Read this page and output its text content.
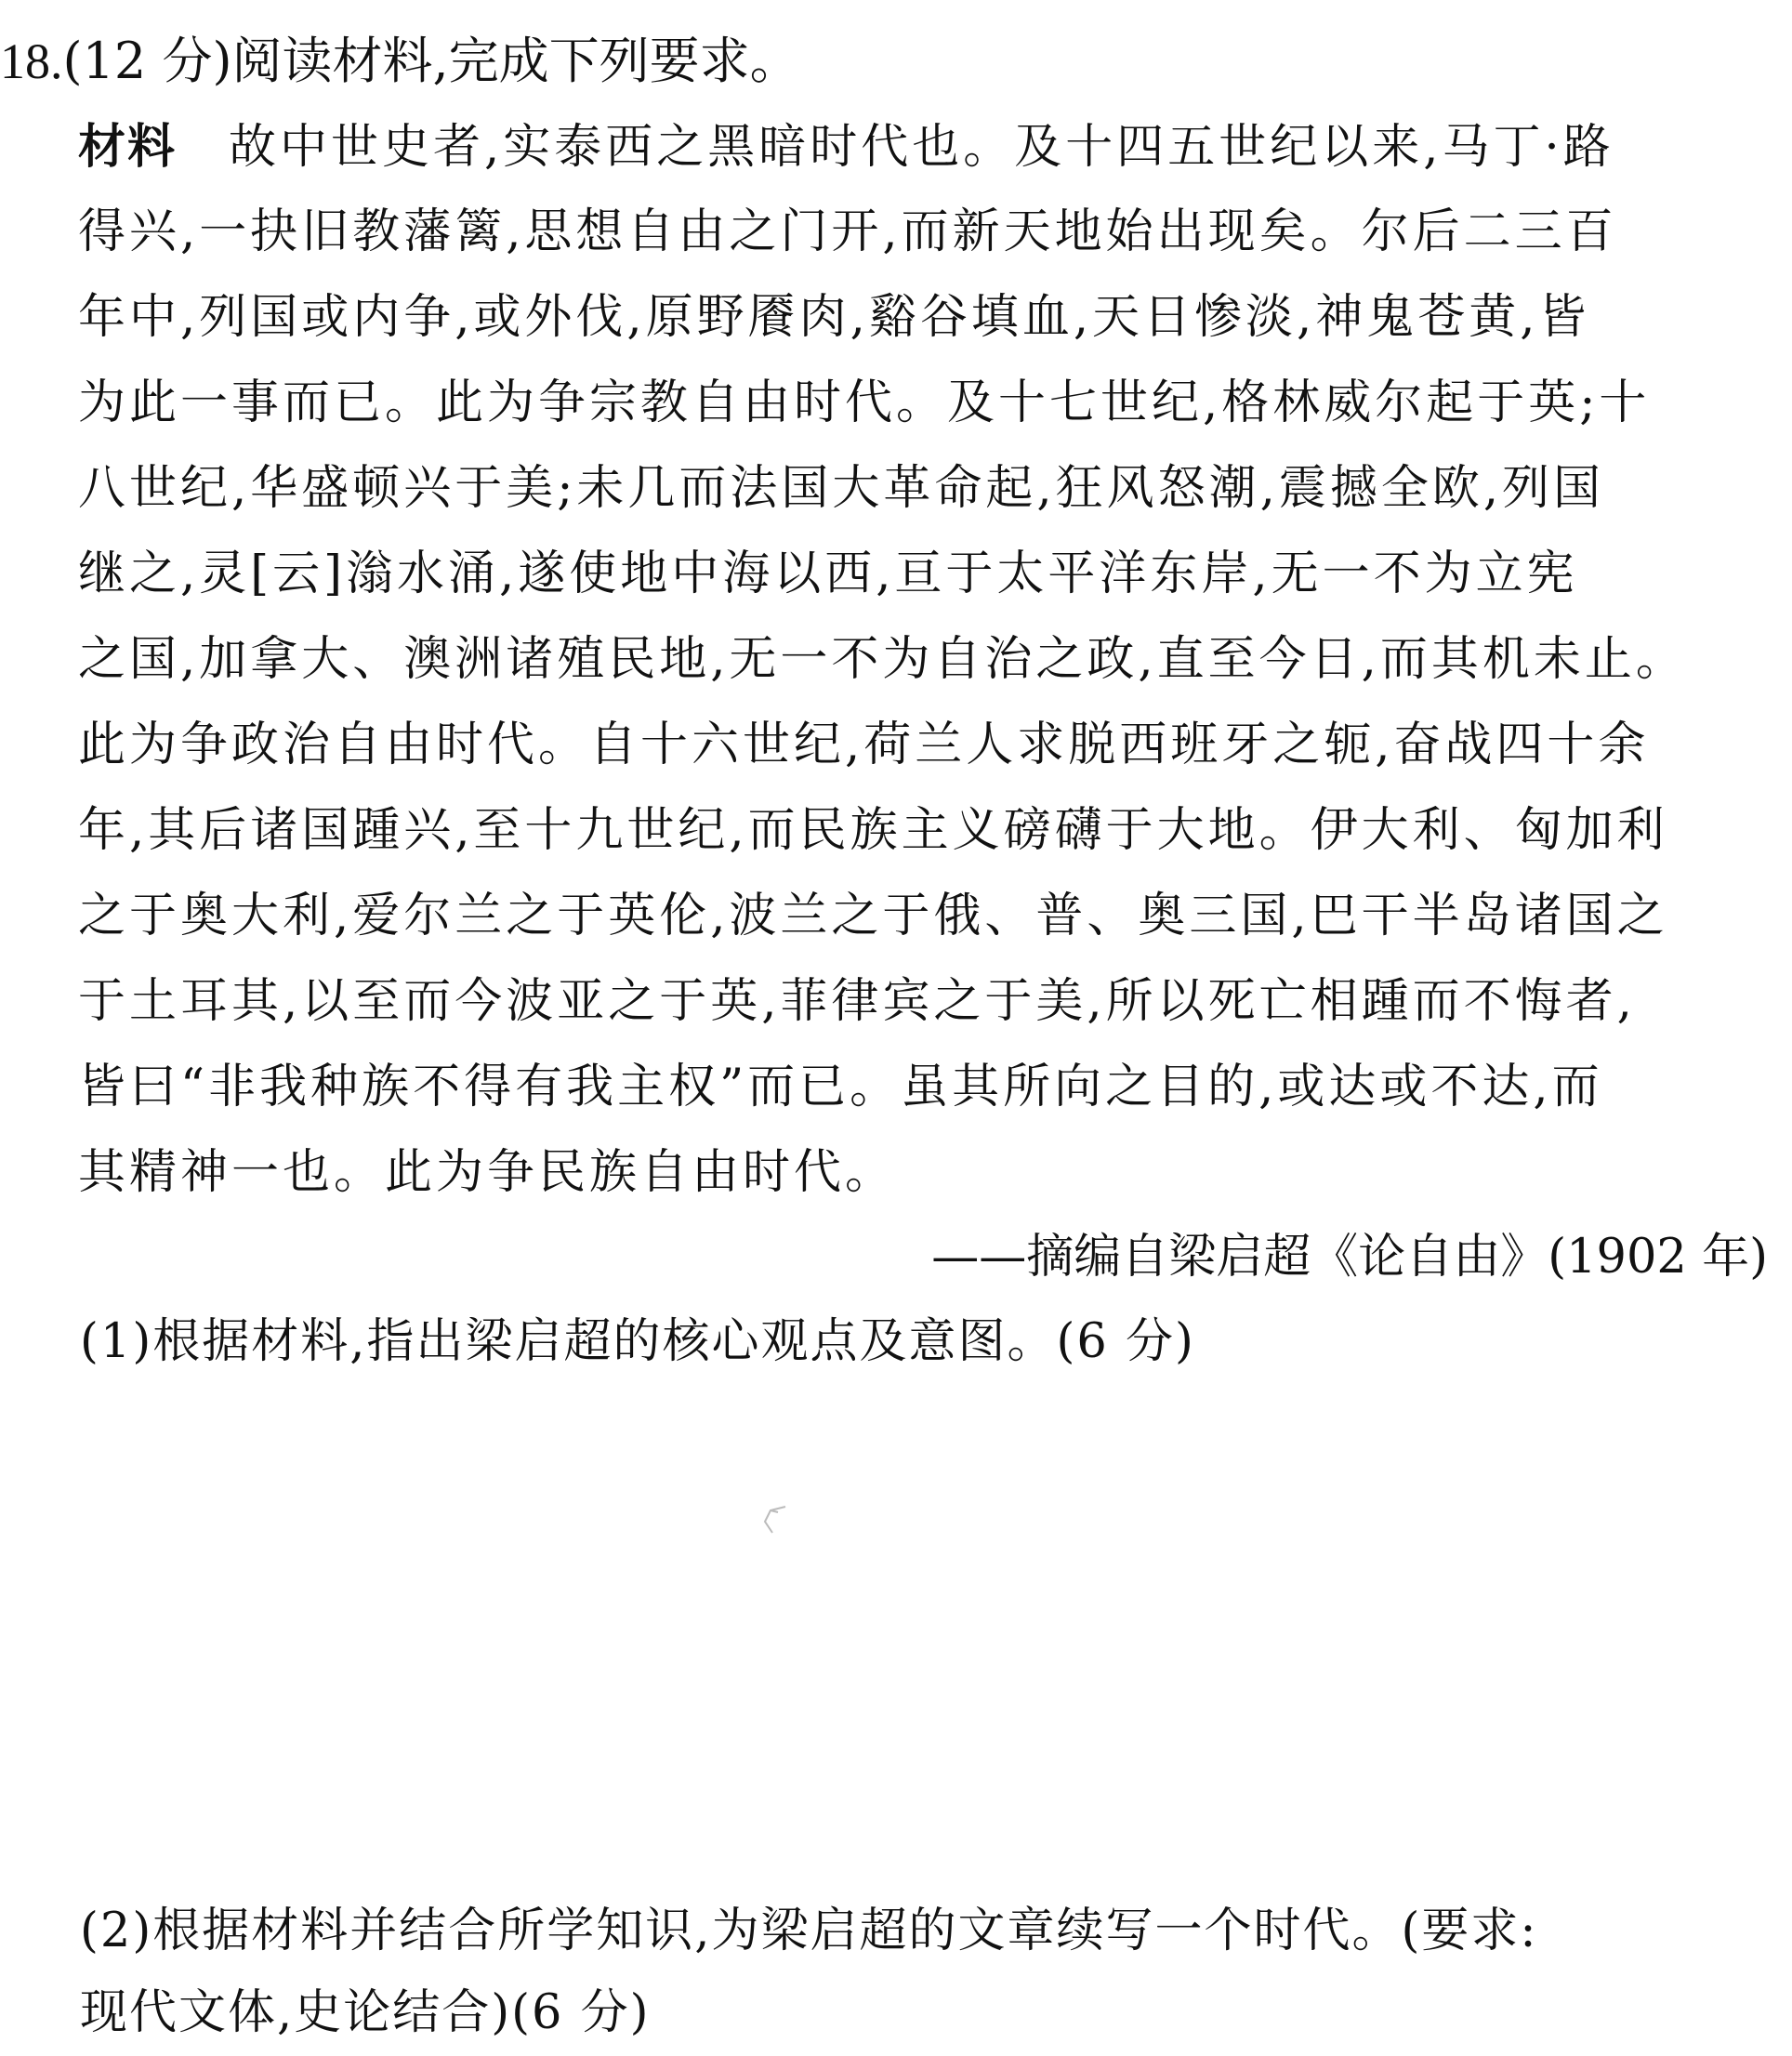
18.(12 分)阅读材料,完成下列要求。
材料 故中世史者,实泰西之黑暗时代也。及十四五世纪以来,马丁·路
得兴,一抉旧教藩篱,思想自由之门开,而新天地始出现矣。尔后二三百
年中,列国或内争,或外伐,原野餍肉,谿谷填血,天日惨淡,神鬼苍黄,皆
为此一事而已。此为争宗教自由时代。及十七世纪,格林威尔起于英;十
八世纪,华盛顿兴于美;未几而法国大革命起,狂风怒潮,震撼全欧,列国
继之,灵[云]滃水涌,遂使地中海以西,亘于太平洋东岸,无一不为立宪
之国,加拿大、澳洲诸殖民地,无一不为自治之政,直至今日,而其机未止。
此为争政治自由时代。自十六世纪,荷兰人求脱西班牙之轭,奋战四十余
年,其后诸国踵兴,至十九世纪,而民族主义磅礴于大地。伊大利、匈加利
之于奥大利,爱尔兰之于英伦,波兰之于俄、普、奥三国,巴干半岛诸国之
于土耳其,以至而今波亚之于英,菲律宾之于美,所以死亡相踵而不悔者,
皆曰“非我种族不得有我主权”而已。虽其所向之目的,或达或不达,而
其精神一也。此为争民族自由时代。
——摘编自梁启超《论自由》(1902 年)
(1)根据材料,指出梁启超的核心观点及意图。(6 分)
(2)根据材料并结合所学知识,为梁启超的文章续写一个时代。(要求:
现代文体,史论结合)(6 分)
